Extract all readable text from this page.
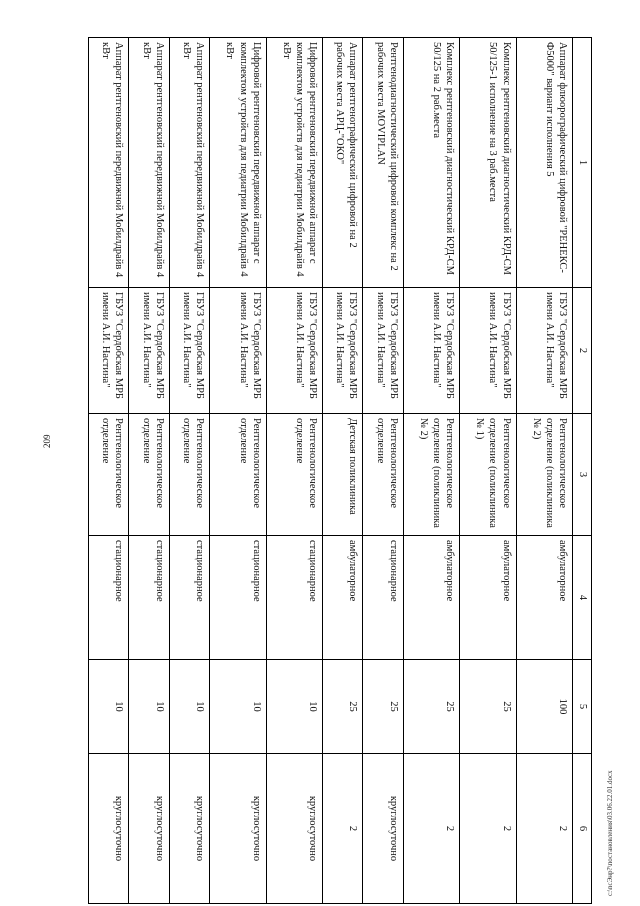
209
1	2	3	4	5	6
Аппарат флюорографический цифровой "РЕНЕКС-Ф5000" вариант исполнения 5	ГБУЗ "Сердобская МРБ имени А.И. Настина"	Рентгенологическое отделение (поликлиника № 2)	амбулаторное	100	2
Комплекс рентгеновский диагностический КРД-СМ 50/125-1 исполнение на 3 раб.места	ГБУЗ "Сердобская МРБ имени А.И. Настина"	Рентгенологическое отделение (поликлиника № 1)	амбулаторное	25	2
Комплекс рентгеновский диагностический КРД-СМ 50/125 на 2 раб.места	ГБУЗ "Сердобская МРБ имени А.И. Настина"	Рентгенологическое отделение (поликлиника № 2)	амбулаторное	25	2
Рентгенодиагностический цифровой комплекс на 2 рабочих места MOVIPLAN	ГБУЗ "Сердобская МРБ имени А.И. Настина"	Рентгенологическое отделение	стационарное	25	круглосуточно
Аппарат рентгенографический цифровой на 2 рабочих места АРЦ-"ОКО"	ГБУЗ "Сердобская МРБ имени А.И. Настина"	Детская поликлиника	амбулаторное	25	2
Цифровой рентгеновский передвижной аппарат с комплектом устройств для педиатрии Мобилдрайв 4 кВт	ГБУЗ "Сердобская МРБ имени А.И. Настина"	Рентгенологическое отделение	стационарное	10	круглосуточно
Цифровой рентгеновский передвижной аппарат с комплектом устройств для педиатрии Мобилдрайв 4 кВт	ГБУЗ "Сердобская МРБ имени А.И. Настина"	Рентгенологическое отделение	стационарное	10	круглосуточно
Аппарат рентгеновский передвижной Мобилдрайв 4 кВт	ГБУЗ "Сердобская МРБ имени А.И. Настина"	Рентгенологическое отделение	стационарное	10	круглосуточно
Аппарат рентгеновский передвижной Мобилдрайв 4 кВт	ГБУЗ "Сердобская МРБ имени А.И. Настина"	Рентгенологическое отделение	стационарное	10	круглосуточно
Аппарат рентгеновский передвижной Мобилдрайв 4 кВт	ГБУЗ "Сердобская МРБ имени А.И. Настина"	Рентгенологическое отделение	стационарное	10	круглосуточно	c:\ncЭнр?\постановления\03.06.22.01.docx
